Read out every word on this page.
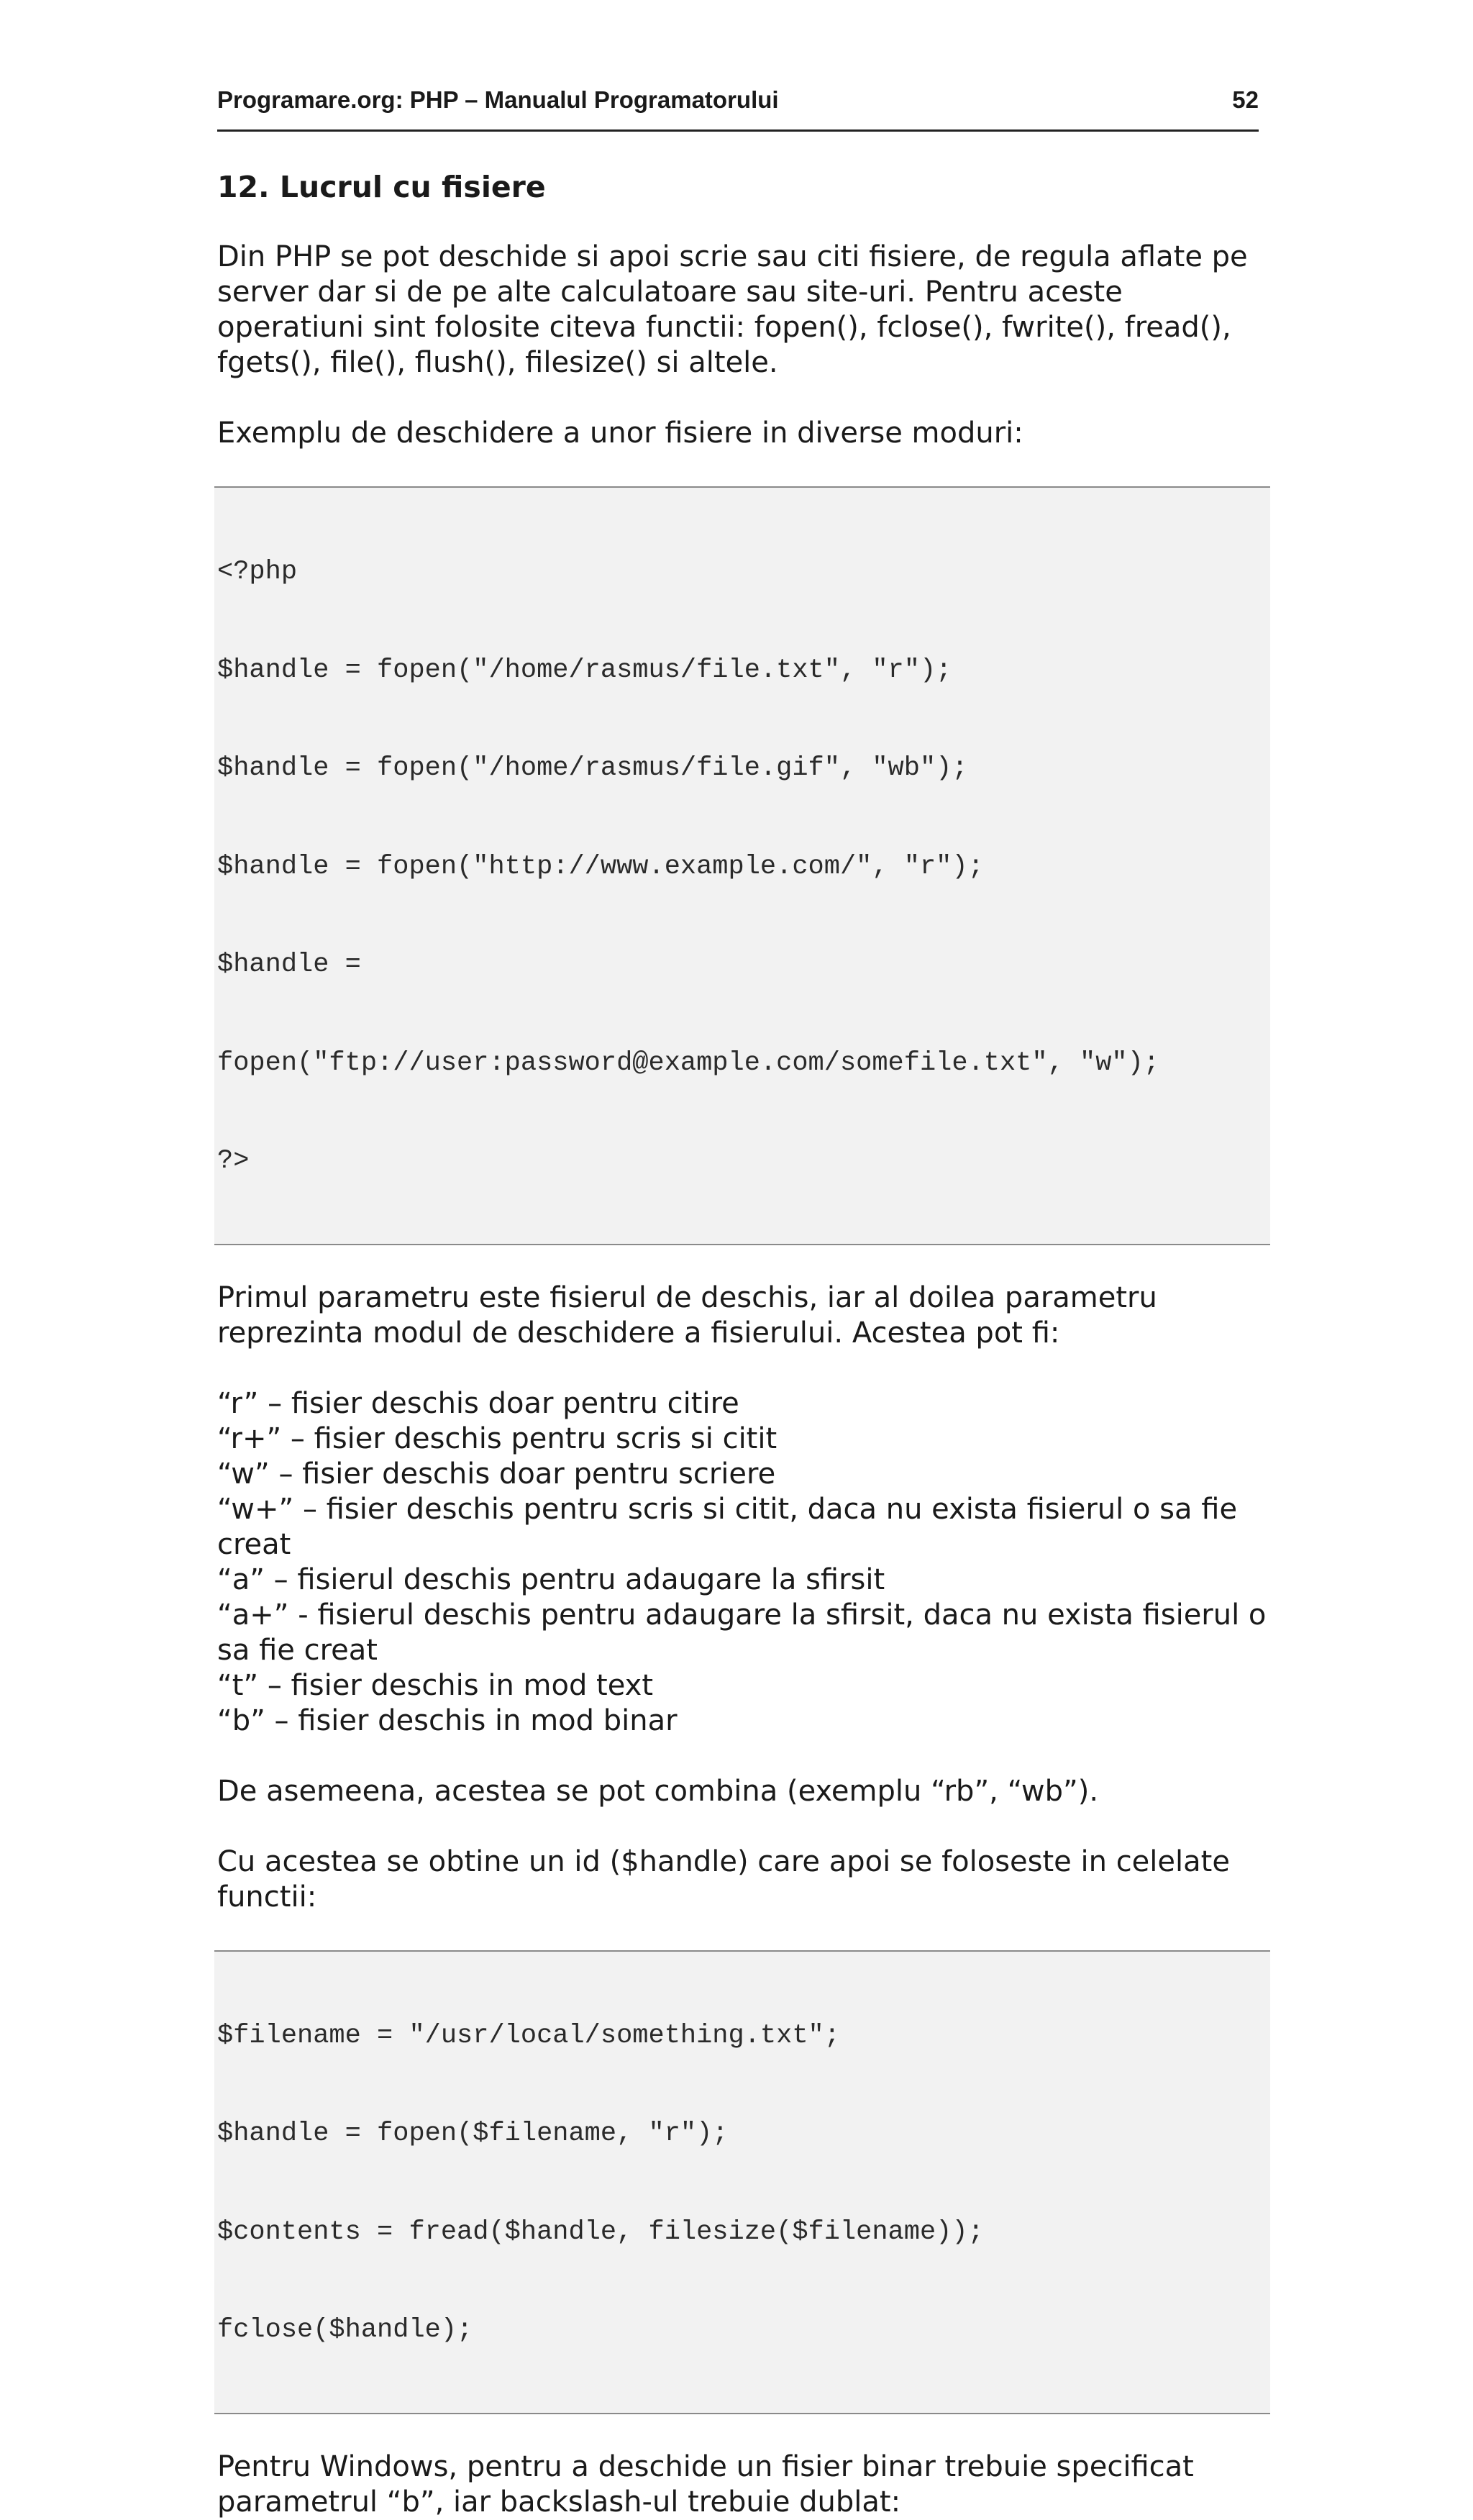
Programare.org: PHP – Manualul Programatorului	52
12. Lucrul cu fisiere

Din PHP se pot deschide si apoi scrie sau citi fisiere, de regula aflate pe server dar si de pe alte calculatoare sau site-uri. Pentru aceste operatiuni sint folosite citeva functii: fopen(), fclose(), fwrite(), fread(), fgets(), file(), flush(), filesize() si altele.

Exemplu de deschidere a unor fisiere in diverse moduri:

<?php

$handle = fopen("/home/rasmus/file.txt", "r");

$handle = fopen("/home/rasmus/file.gif", "wb");

$handle = fopen("http://www.example.com/", "r");

$handle =

fopen("ftp://user:password@example.com/somefile.txt", "w");

?>

Primul parametru este fisierul de deschis, iar al doilea parametru reprezinta modul de deschidere a fisierului. Acestea pot fi:

“r” – fisier deschis doar pentru citire
“r+” – fisier deschis pentru scris si citit
“w” – fisier deschis doar pentru scriere
“w+” – fisier deschis pentru scris si citit, daca nu exista fisierul o sa fie creat
“a” – fisierul deschis pentru adaugare la sfirsit
“a+” - fisierul deschis pentru adaugare la sfirsit, daca nu exista fisierul o sa fie creat
“t” – fisier deschis in mod text
“b” – fisier deschis in mod binar

De asemeena, acestea se pot combina (exemplu “rb”, “wb”).

Cu acestea se obtine un id ($handle) care apoi se foloseste in celelate functii:

$filename = "/usr/local/something.txt";

$handle = fopen($filename, "r");

$contents = fread($handle, filesize($filename));

fclose($handle);

Pentru Windows, pentru a deschide un fisier binar trebuie specificat parametrul “b”, iar backslash-ul trebuie dublat:
